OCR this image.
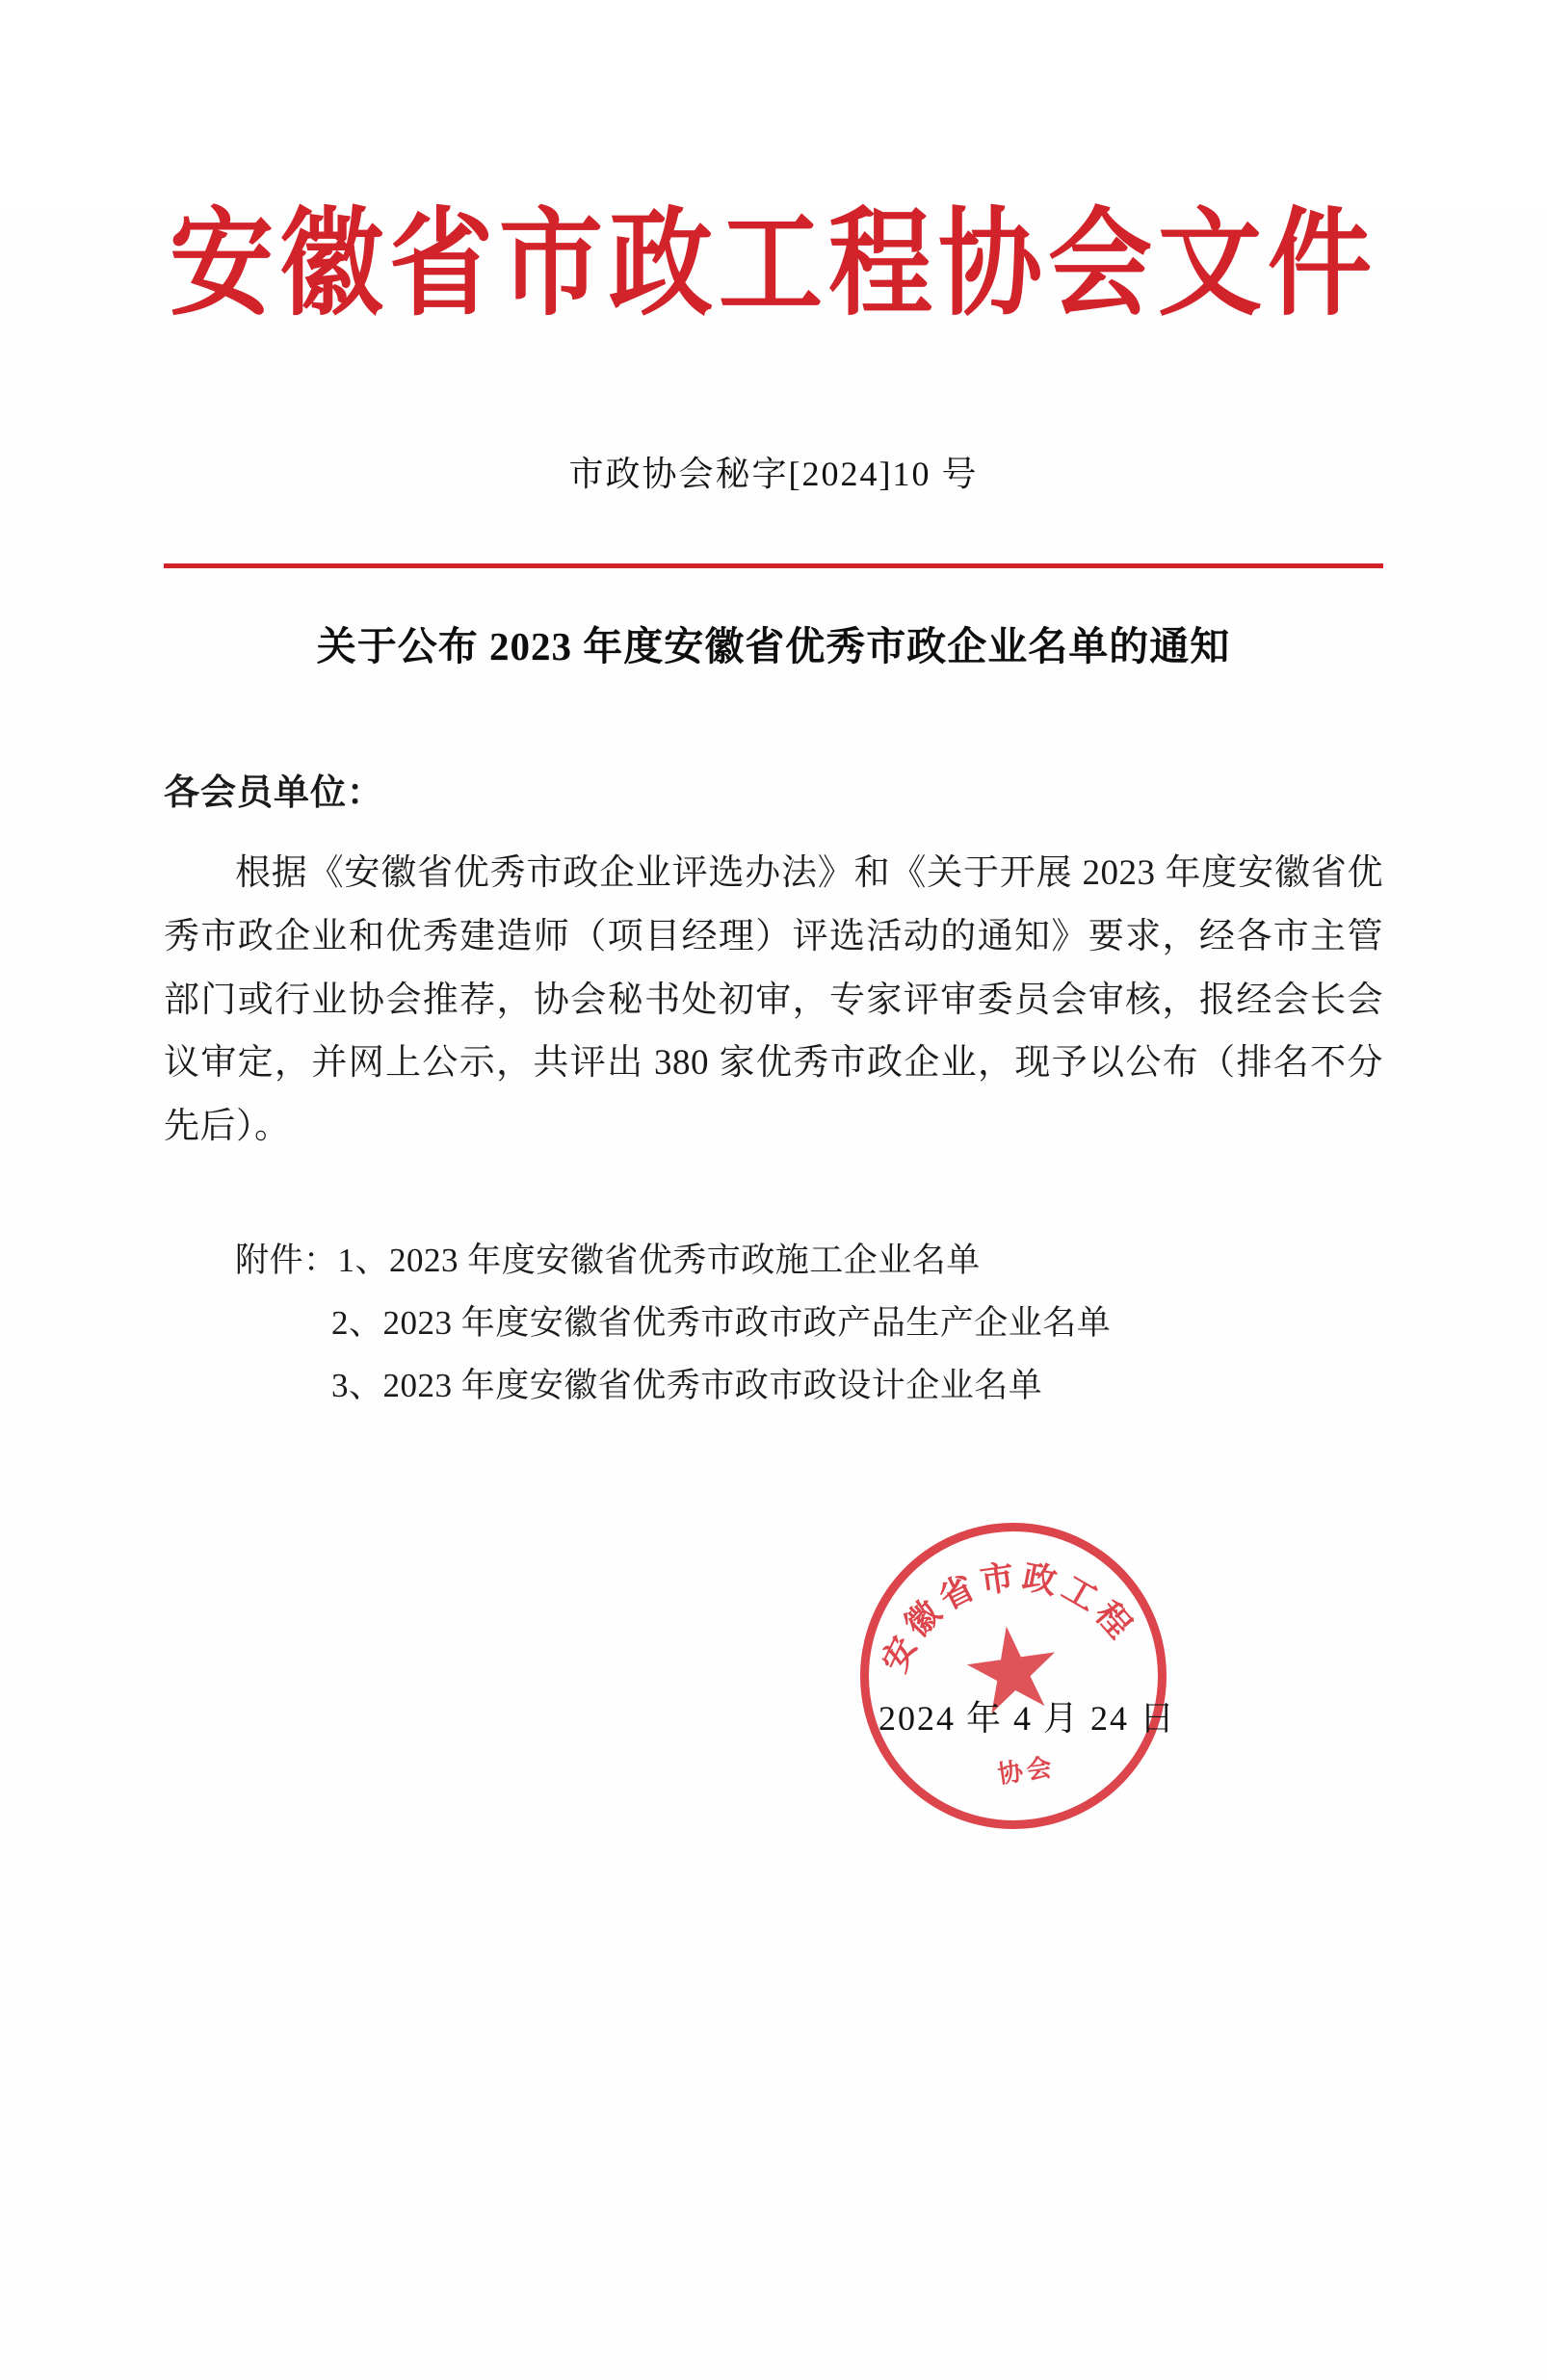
安徽省市政工程协会文件
市政协会秘字[2024]10 号
关于公布 2023 年度安徽省优秀市政企业名单的通知
各会员单位：
根据《安徽省优秀市政企业评选办法》和《关于开展 2023 年度安徽省优秀市政企业和优秀建造师（项目经理）评选活动的通知》要求，经各市主管部门或行业协会推荐，协会秘书处初审，专家评审委员会审核，报经会长会议审定，并网上公示，共评出 380 家优秀市政企业，现予以公布（排名不分先后）。
附件：1、2023 年度安徽省优秀市政施工企业名单
2、2023 年度安徽省优秀市政市政产品生产企业名单
3、2023 年度安徽省优秀市政市政设计企业名单
安徽省市政工程
协会
2024 年 4 月 24 日
